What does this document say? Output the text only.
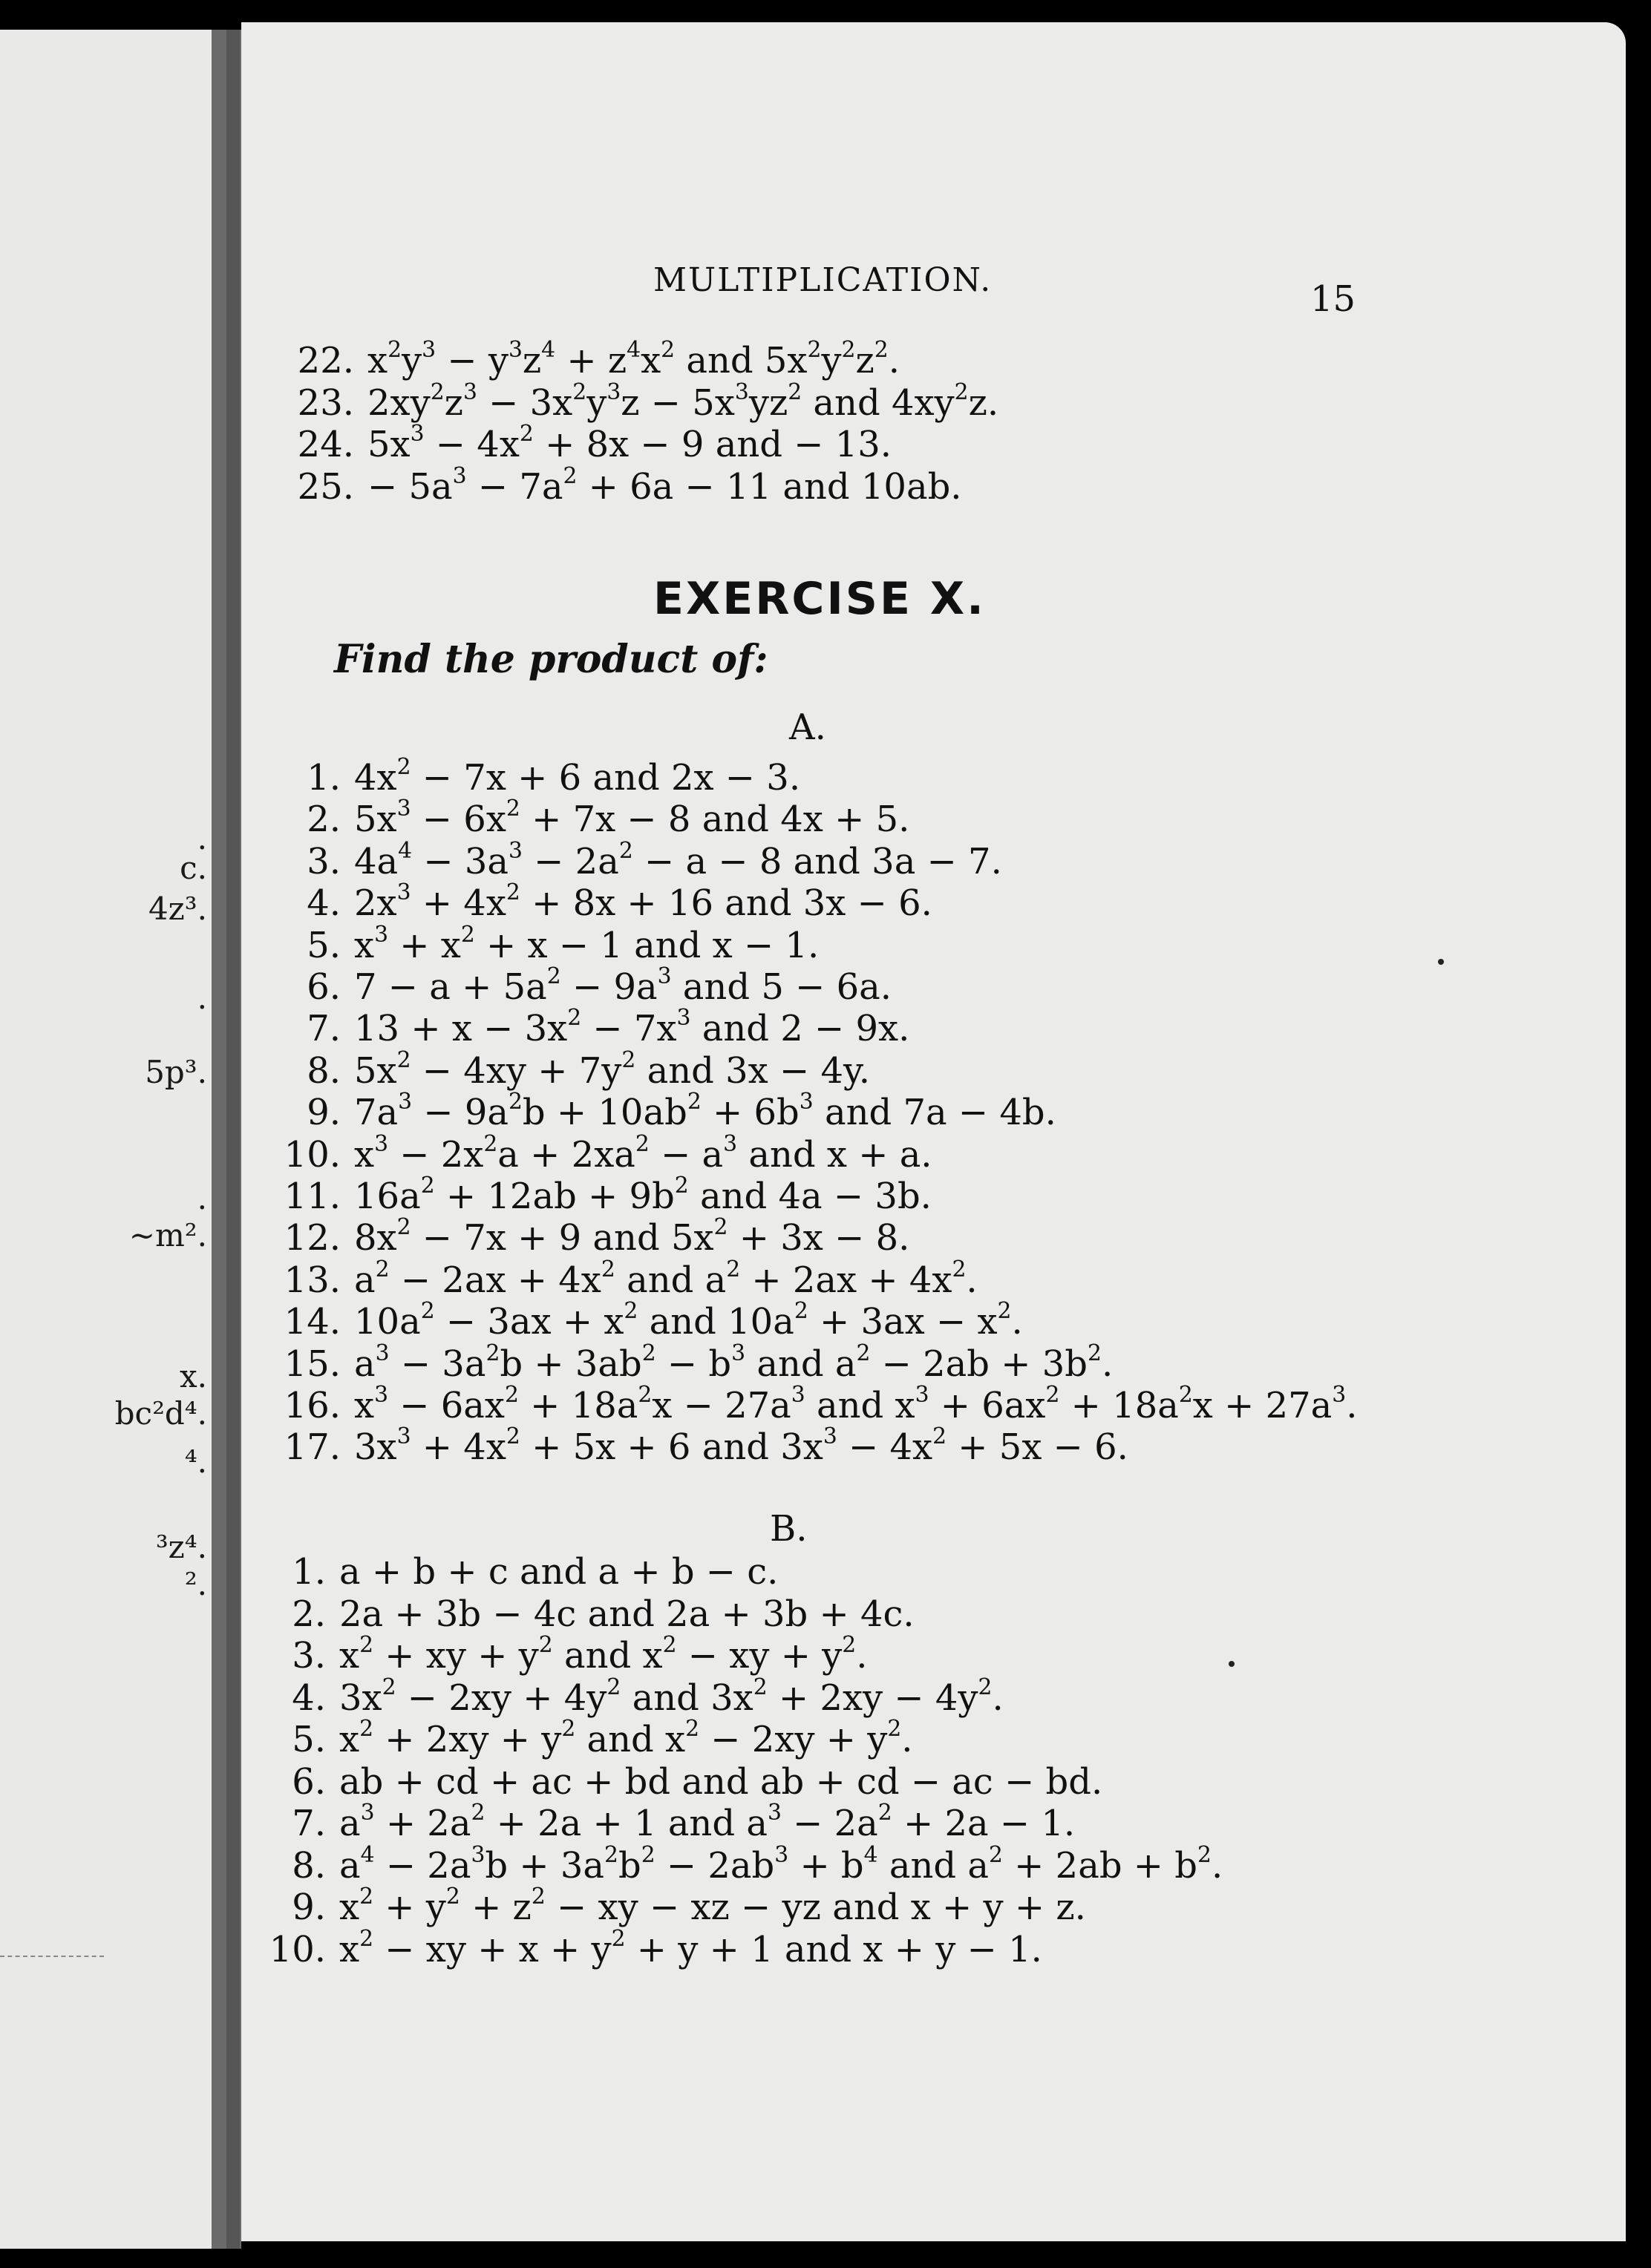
.
c.
4z³.
.
5p³.
.
~m².
x.
bc²d⁴.
⁴.
³z⁴.
².
MULTIPLICATION.	15
22. $x^2y^3 - y^3z^4 + z^4x^2$ and $5x^2y^2z^2$.
23. $2xy^2z^3 - 3x^2y^3z - 5x^3yz^2$ and $4xy^2z$.
24. $5x^3 - 4x^2 + 8x - 9$ and − 13.
25. − $5a^3 - 7a^2 + 6a - 11$ and 10ab.
EXERCISE X.
Find the product of:
A.
1. $4x^2 - 7x + 6$ and 2x − 3.
2. $5x^3 - 6x^2 + 7x - 8$ and 4x + 5.
3. $4a^4 - 3a^3 - 2a^2 - a - 8$ and 3a − 7.
4. $2x^3 + 4x^2 + 8x + 16$ and 3x − 6.
5. $x^3 + x^2 + x - 1$ and x − 1.
6. $7 - a + 5a^2 - 9a^3$ and 5 − 6a.
7. $13 + x - 3x^2 - 7x^3$ and 2 − 9x.
8. $5x^2 - 4xy + 7y^2$ and 3x − 4y.
9. $7a^3 - 9a^2b + 10ab^2 + 6b^3$ and 7a − 4b.
10. $x^3 - 2x^2a + 2xa^2 - a^3$ and x + a.
11. $16a^2 + 12ab + 9b^2$ and 4a − 3b.
12. $8x^2 - 7x + 9$ and $5x^2 + 3x - 8$.
13. $a^2 - 2ax + 4x^2$ and $a^2 + 2ax + 4x^2$.
14. $10a^2 - 3ax + x^2$ and $10a^2 + 3ax - x^2$.
15. $a^3 - 3a^2b + 3ab^2 - b^3$ and $a^2 - 2ab + 3b^2$.
16. $x^3 - 6ax^2 + 18a^2x - 27a^3$ and $x^3 + 6ax^2 + 18a^2x + 27a^3$.
17. $3x^3 + 4x^2 + 5x + 6$ and $3x^3 - 4x^2 + 5x - 6$.
B.
1. a + b + c and a + b − c.
2. 2a + 3b − 4c and 2a + 3b + 4c.
3. $x^2$ + xy + $y^2$ and $x^2$ − xy + $y^2$.
4. $3x^2 - 2xy + 4y^2$ and $3x^2 + 2xy - 4y^2$.
5. $x^2 + 2xy + y^2$ and $x^2 - 2xy + y^2$.
6. ab + cd + ac + bd and ab + cd − ac − bd.
7. $a^3 + 2a^2 + 2a + 1$ and $a^3 - 2a^2 + 2a - 1$.
8. $a^4 - 2a^3b + 3a^2b^2 - 2ab^3 + b^4$ and $a^2 + 2ab + b^2$.
9. $x^2 + y^2 + z^2$ − xy − xz − yz and x + y + z.
10. $x^2$ − xy + $x + y^2 + y + 1$ and x + y − 1.
